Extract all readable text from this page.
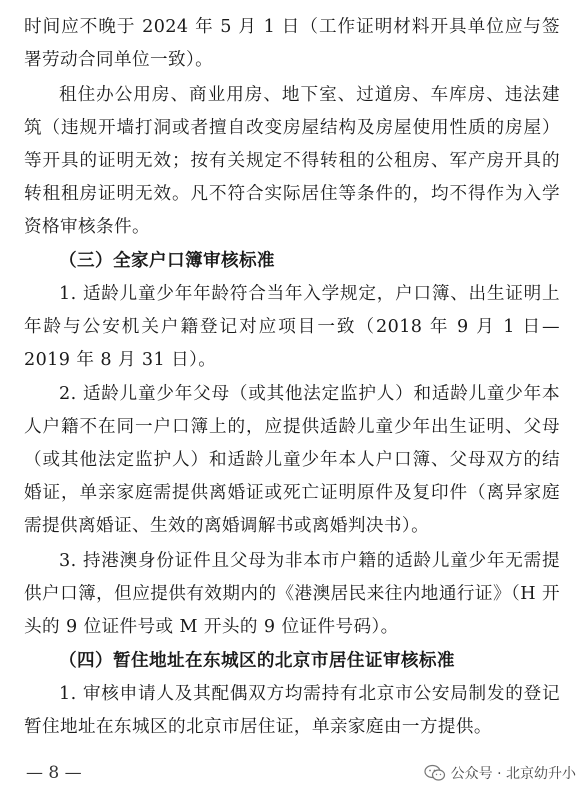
时间应不晚于 2024 年 5 月 1 日（工作证明材料开具单位应与签署劳动合同单位一致）。

租住办公用房、商业用房、地下室、过道房、车库房、违法建筑（违规开墙打洞或者擅自改变房屋结构及房屋使用性质的房屋）等开具的证明无效；按有关规定不得转租的公租房、军产房开具的转租租房证明无效。凡不符合实际居住等条件的，均不得作为入学资格审核条件。

（三）全家户口簿审核标准

1. 适龄儿童少年年龄符合当年入学规定，户口簿、出生证明上年龄与公安机关户籍登记对应项目一致（2018 年 9 月 1 日—2019 年 8 月 31 日）。

2. 适龄儿童少年父母（或其他法定监护人）和适龄儿童少年本人户籍不在同一户口簿上的，应提供适龄儿童少年出生证明、父母（或其他法定监护人）和适龄儿童少年本人户口簿、父母双方的结婚证，单亲家庭需提供离婚证或死亡证明原件及复印件（离异家庭需提供离婚证、生效的离婚调解书或离婚判决书）。

3. 持港澳身份证件且父母为非本市户籍的适龄儿童少年无需提供户口簿，但应提供有效期内的《港澳居民来往内地通行证》（H 开头的 9 位证件号或 M 开头的 9 位证件号码）。

（四）暂住地址在东城区的北京市居住证审核标准

1. 审核申请人及其配偶双方均需持有北京市公安局制发的登记暂住地址在东城区的北京市居住证，单亲家庭由一方提供。

— 8 —	公众号 · 北京幼升小
